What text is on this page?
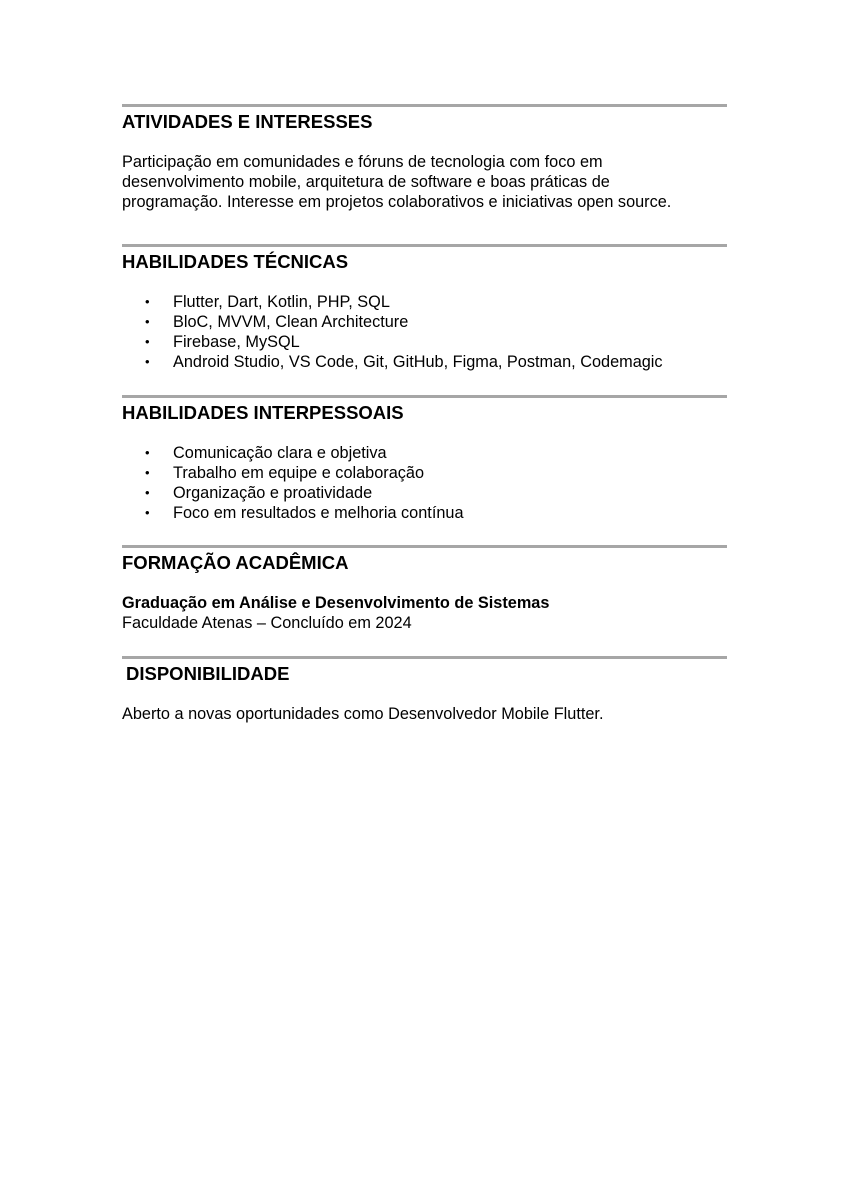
ATIVIDADES E INTERESSES

Participação em comunidades e fóruns de tecnologia com foco em
desenvolvimento mobile, arquitetura de software e boas práticas de
programação. Interesse em projetos colaborativos e iniciativas open source.

HABILIDADES TÉCNICAS
• Flutter, Dart, Kotlin, PHP, SQL
• BloC, MVVM, Clean Architecture
• Firebase, MySQL
• Android Studio, VS Code, Git, GitHub, Figma, Postman, Codemagic
HABILIDADES INTERPESSOAIS
• Comunicação clara e objetiva
• Trabalho em equipe e colaboração
• Organização e proatividade
• Foco em resultados e melhoria contínua
FORMAÇÃO ACADÊMICA

Graduação em Análise e Desenvolvimento de Sistemas
Faculdade Atenas – Concluído em 2024

DISPONIBILIDADE

Aberto a novas oportunidades como Desenvolvedor Mobile Flutter.
